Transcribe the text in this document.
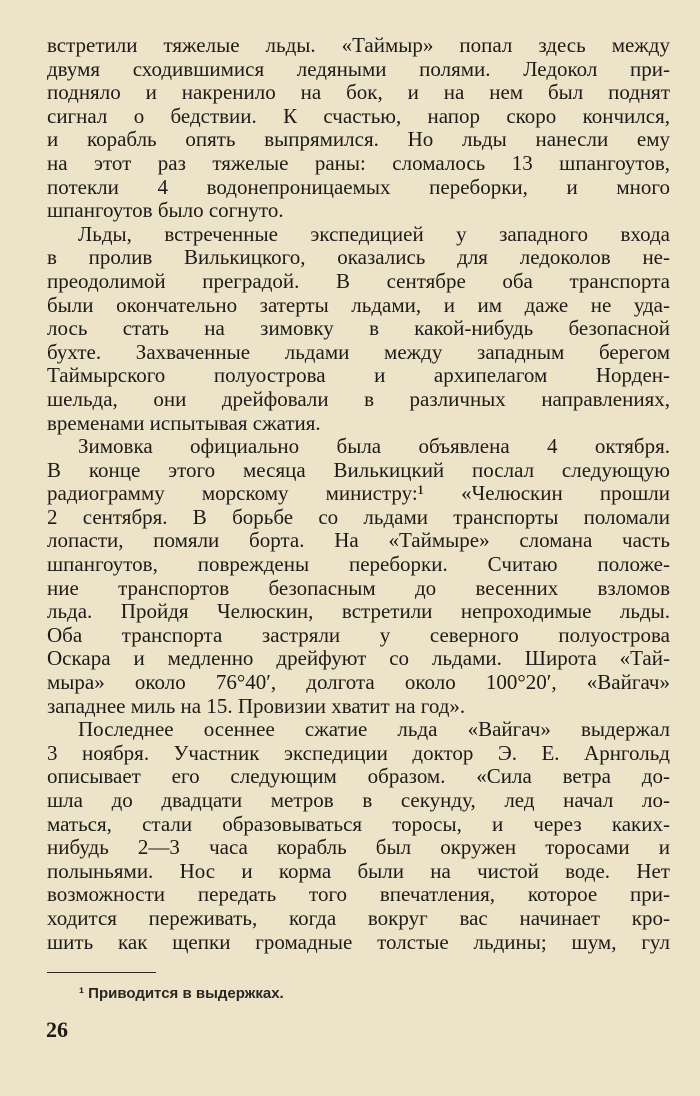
встретили тяжелые льды. «Таймыр» попал здесь между
двумя сходившимися ледяными полями. Ледокол при-
подняло и накренило на бок, и на нем был поднят
сигнал о бедствии. К счастью, напор скоро кончился,
и корабль опять выпрямился. Но льды нанесли ему
на этот раз тяжелые раны: сломалось 13 шпангоутов,
потекли 4 водонепроницаемых переборки, и много
шпангоутов было согнуто.
Льды, встреченные экспедицией у западного входа
в пролив Вилькицкого, оказались для ледоколов не-
преодолимой преградой. В сентябре оба транспорта
были окончательно затерты льдами, и им даже не уда-
лось стать на зимовку в какой-нибудь безопасной
бухте. Захваченные льдами между западным берегом
Таймырского полуострова и архипелагом Норден-
шельда, они дрейфовали в различных направлениях,
временами испытывая сжатия.
Зимовка официально была объявлена 4 октября.
В конце этого месяца Вилькицкий послал следующую
радиограмму морскому министру:¹ «Челюскин прошли
2 сентября. В борьбе со льдами транспорты поломали
лопасти, помяли борта. На «Таймыре» сломана часть
шпангоутов, повреждены переборки. Считаю положе-
ние транспортов безопасным до весенних взломов
льда. Пройдя Челюскин, встретили непроходимые льды.
Оба транспорта застряли у северного полуострова
Оскара и медленно дрейфуют со льдами. Широта «Тай-
мыра» около 76°40′, долгота около 100°20′, «Вайгач»
западнее миль на 15. Провизии хватит на год».
Последнее осеннее сжатие льда «Вайгач» выдержал
3 ноября. Участник экспедиции доктор Э. Е. Арнгольд
описывает его следующим образом. «Сила ветра до-
шла до двадцати метров в секунду, лед начал ло-
маться, стали образовываться торосы, и через каких-
нибудь 2—3 часа корабль был окружен торосами и
полыньями. Нос и корма были на чистой воде. Нет
возможности передать того впечатления, которое при-
ходится переживать, когда вокруг вас начинает кро-
шить как щепки громадные толстые льдины; шум, гул
¹ Приводится в выдержках.
26
